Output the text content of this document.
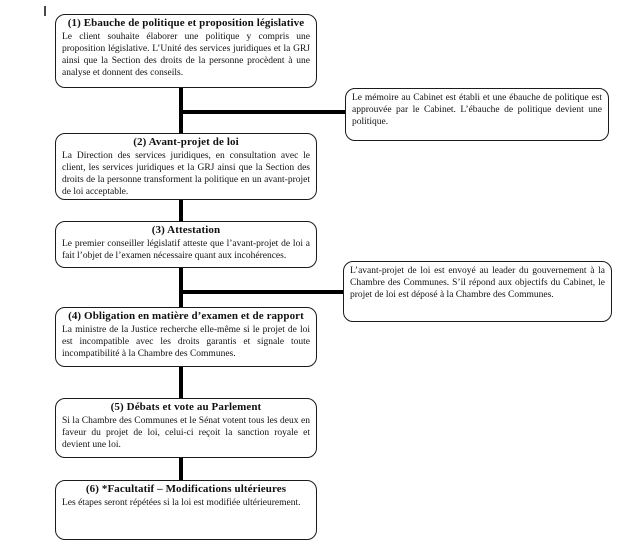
(1) Ebauche de politique et proposition législative
Le client souhaite élaborer une politique y compris une proposition législative. L’Unité des services juridiques et la GRJ ainsi que la Section des droits de la personne procèdent à une analyse et donnent des conseils.
(2) Avant-projet de loi
La Direction des services juridiques, en consultation avec le client, les services juridiques et la GRJ ainsi que la Section des droits de la personne transforment la politique en un avant-projet de loi acceptable.
(3) Attestation
Le premier conseiller législatif atteste que l’avant-projet de loi a fait l’objet de l’examen nécessaire quant aux incohérences.
(4) Obligation en matière d’examen et de rapport
La ministre de la Justice recherche elle-même si le projet de loi est incompatible avec les droits garantis et signale toute incompatibilité à la Chambre des Communes.
(5) Débats et vote au Parlement
Si la Chambre des Communes et le Sénat votent tous les deux en faveur du projet de loi, celui-ci reçoit la sanction royale et devient une loi.
(6) *Facultatif – Modifications ultérieures
Les étapes seront répétées si la loi est modifiée ultérieurement.
Le mémoire au Cabinet est établi et une ébauche de politique est approuvée par le Cabinet. L’ébauche de politique devient une politique.
L’avant-projet de loi est envoyé au leader du gouvernement à la Chambre des Communes. S’il répond aux objectifs du Cabinet, le projet de loi est déposé à la Chambre des Communes.
